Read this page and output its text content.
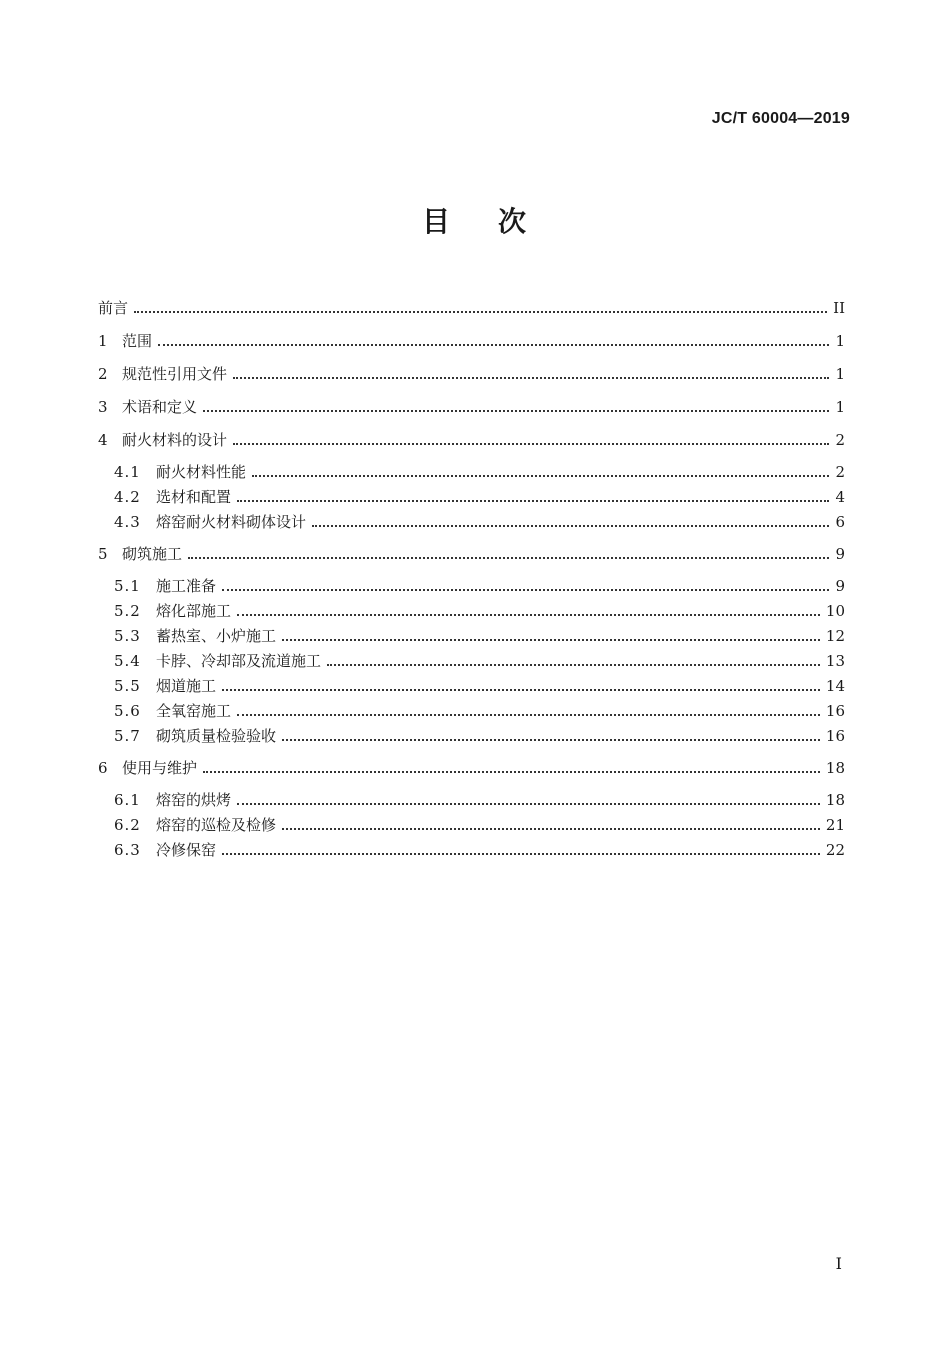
JC/T 60004—2019
目 次
前言	II
1 范围	1
2 规范性引用文件	1
3 术语和定义	1
4 耐火材料的设计	2
4.1	耐火材料性能	2
4.2	选材和配置	4
4.3	熔窑耐火材料砌体设计	6
5 砌筑施工	9
5.1	施工准备	9
5.2	熔化部施工	10
5.3	蓄热室、小炉施工	12
5.4	卡脖、冷却部及流道施工	13
5.5	烟道施工	14
5.6	全氧窑施工	16
5.7	砌筑质量检验验收	16
6 使用与维护	18
6.1	熔窑的烘烤	18
6.2	熔窑的巡检及检修	21
6.3	冷修保窑	22
I
